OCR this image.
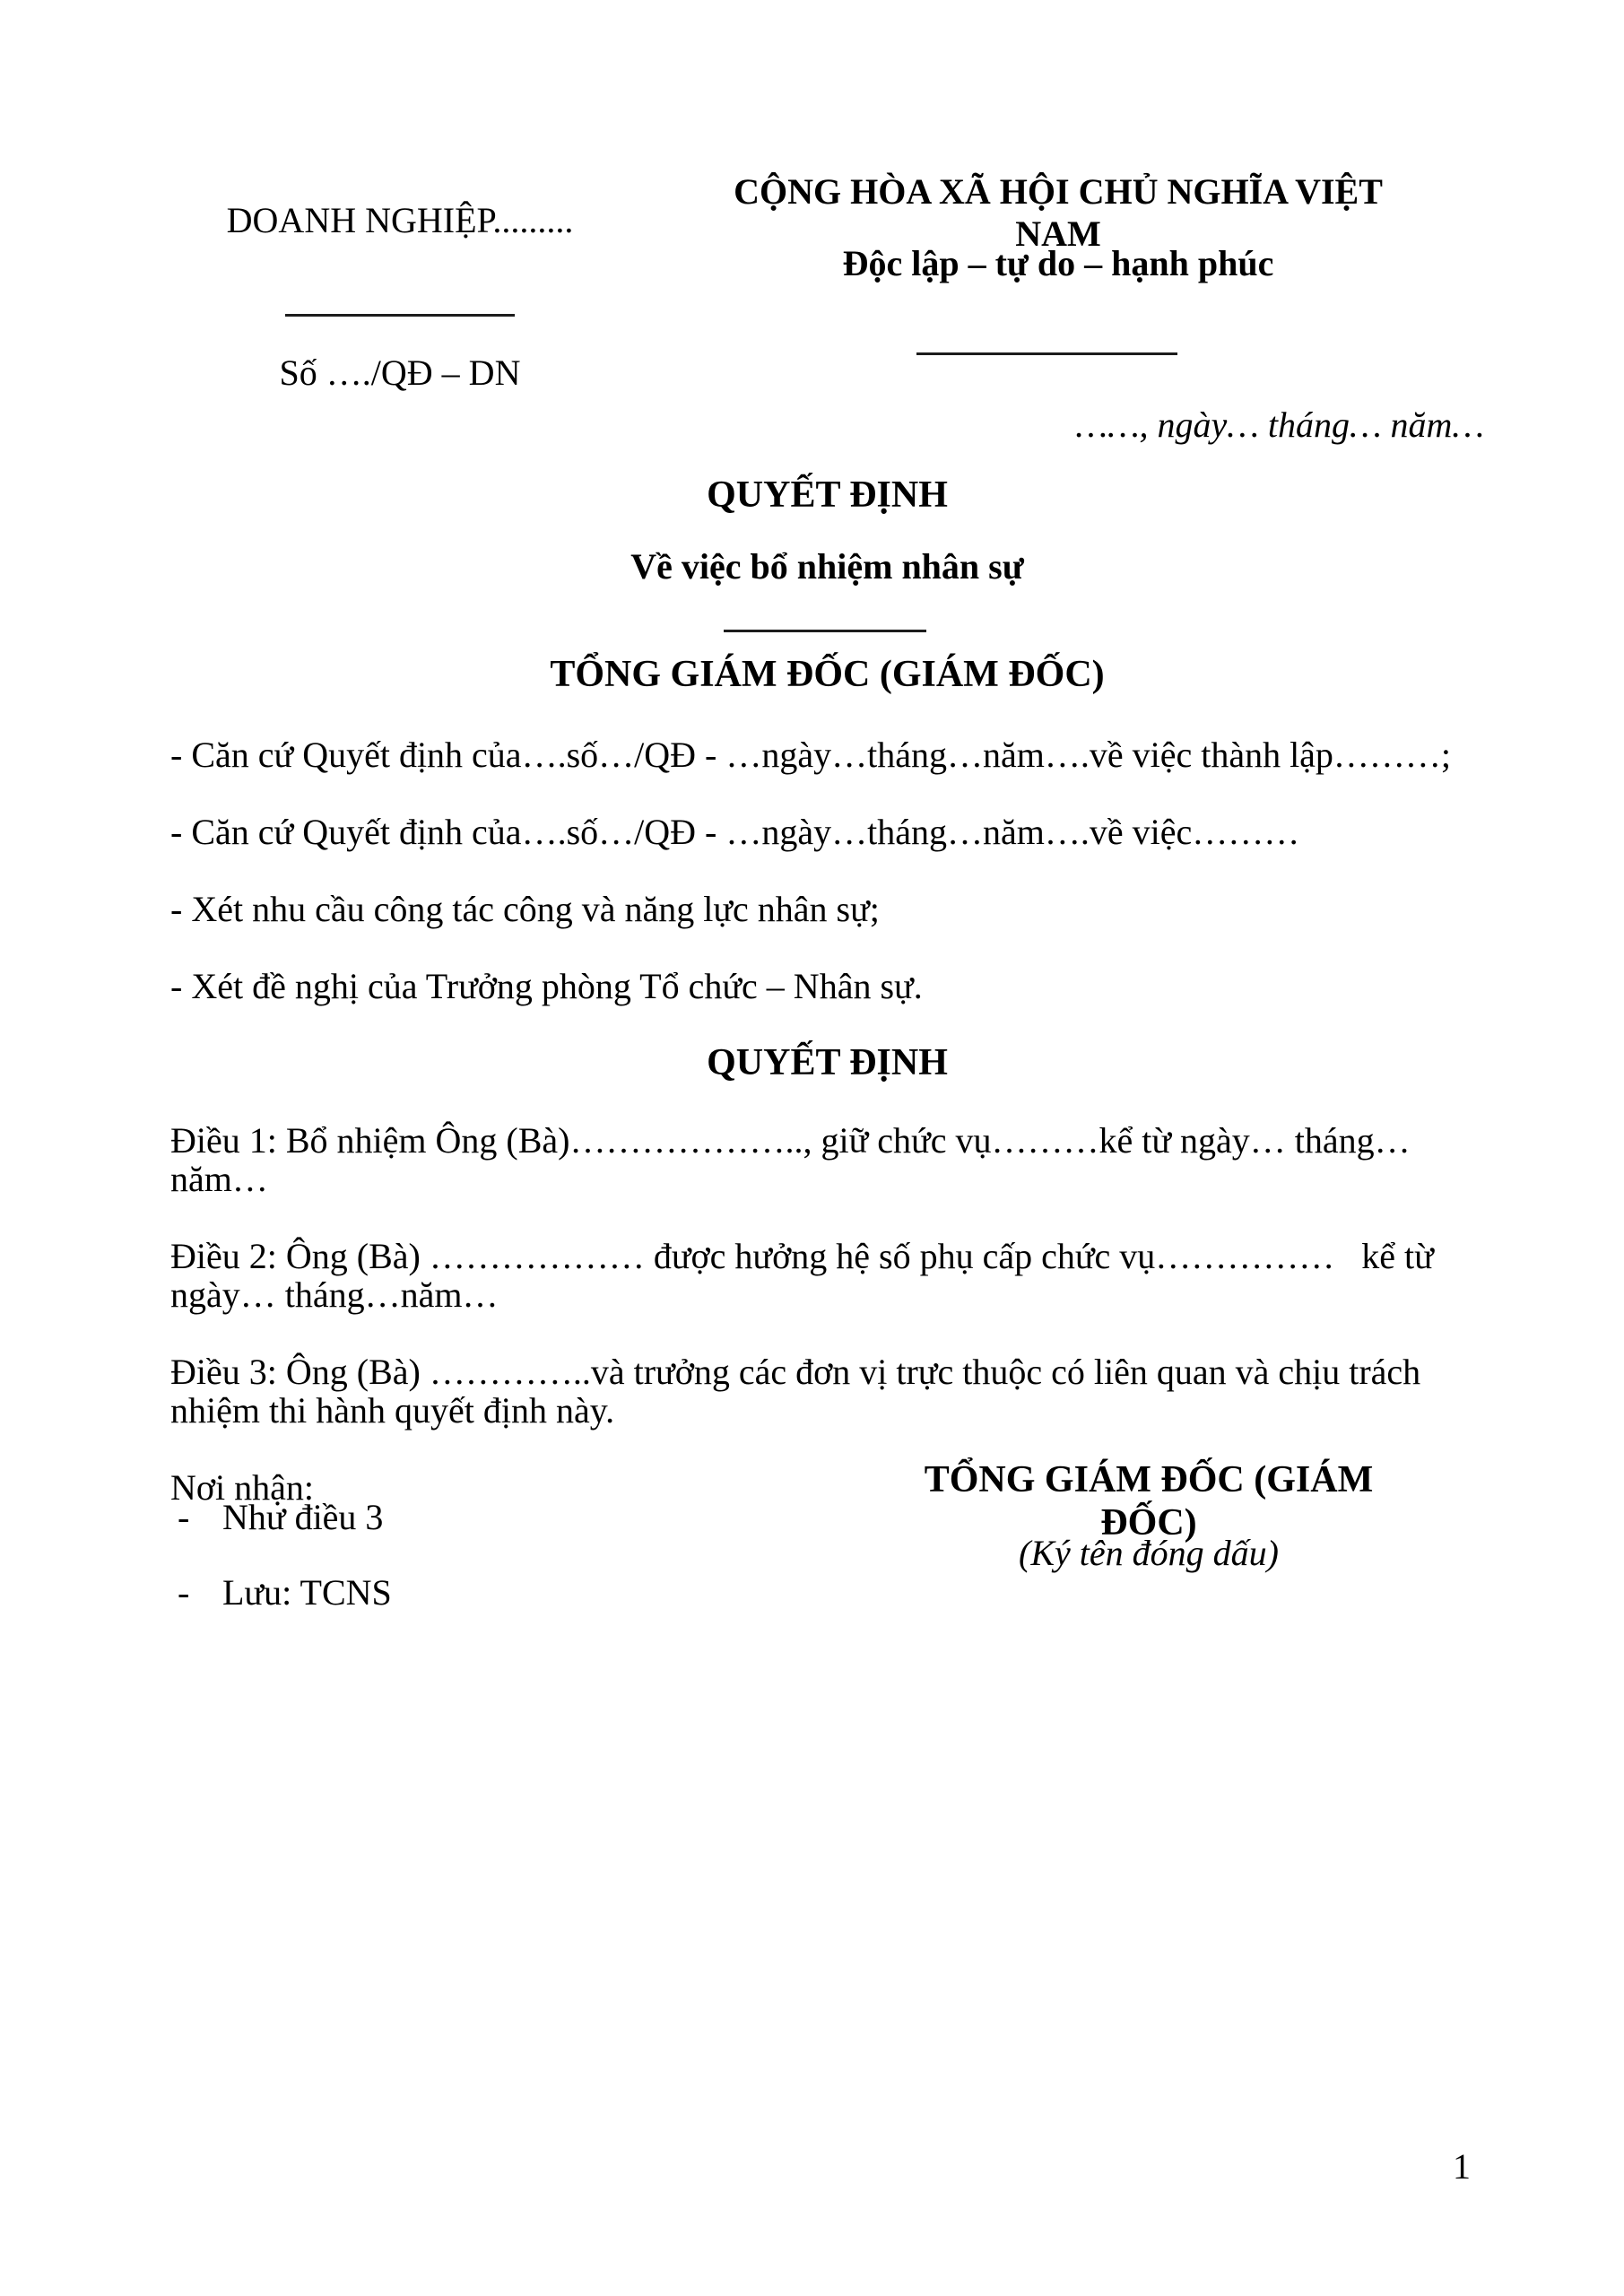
DOANH NGHIỆP.........
Số …./QĐ – DN
CỘNG HÒA XÃ HỘI CHỦ NGHĨA VIỆT NAM
Độc lập – tự do – hạnh phúc
……, ngày… tháng… năm…
QUYẾT ĐỊNH
Về việc bổ nhiệm nhân sự
TỔNG GIÁM ĐỐC (GIÁM ĐỐC)

- Căn cứ Quyết định của….số…/QĐ - …ngày…tháng…năm….về việc thành lập………;

- Căn cứ Quyết định của….số…/QĐ - …ngày…tháng…năm….về việc………

- Xét nhu cầu công tác công và năng lực nhân sự;

- Xét đề nghị của Trưởng phòng Tổ chức – Nhân sự.

QUYẾT ĐỊNH

Điều 1: Bổ nhiệm Ông (Bà)……………….., giữ chức vụ………kể từ ngày… tháng…năm…

Điều 2: Ông (Bà) ……………… được hưởng hệ số phụ cấp chức vụ……………   kể từ ngày… tháng…năm…

Điều 3: Ông (Bà) …………..và trưởng các đơn vị trực thuộc có liên quan và chịu trách nhiệm thi hành quyết định này.

Nơi nhận:

- Như điều 3
- Lưu: TCNS
TỔNG GIÁM ĐỐC (GIÁM ĐỐC)
(Ký tên đóng dấu)
1
